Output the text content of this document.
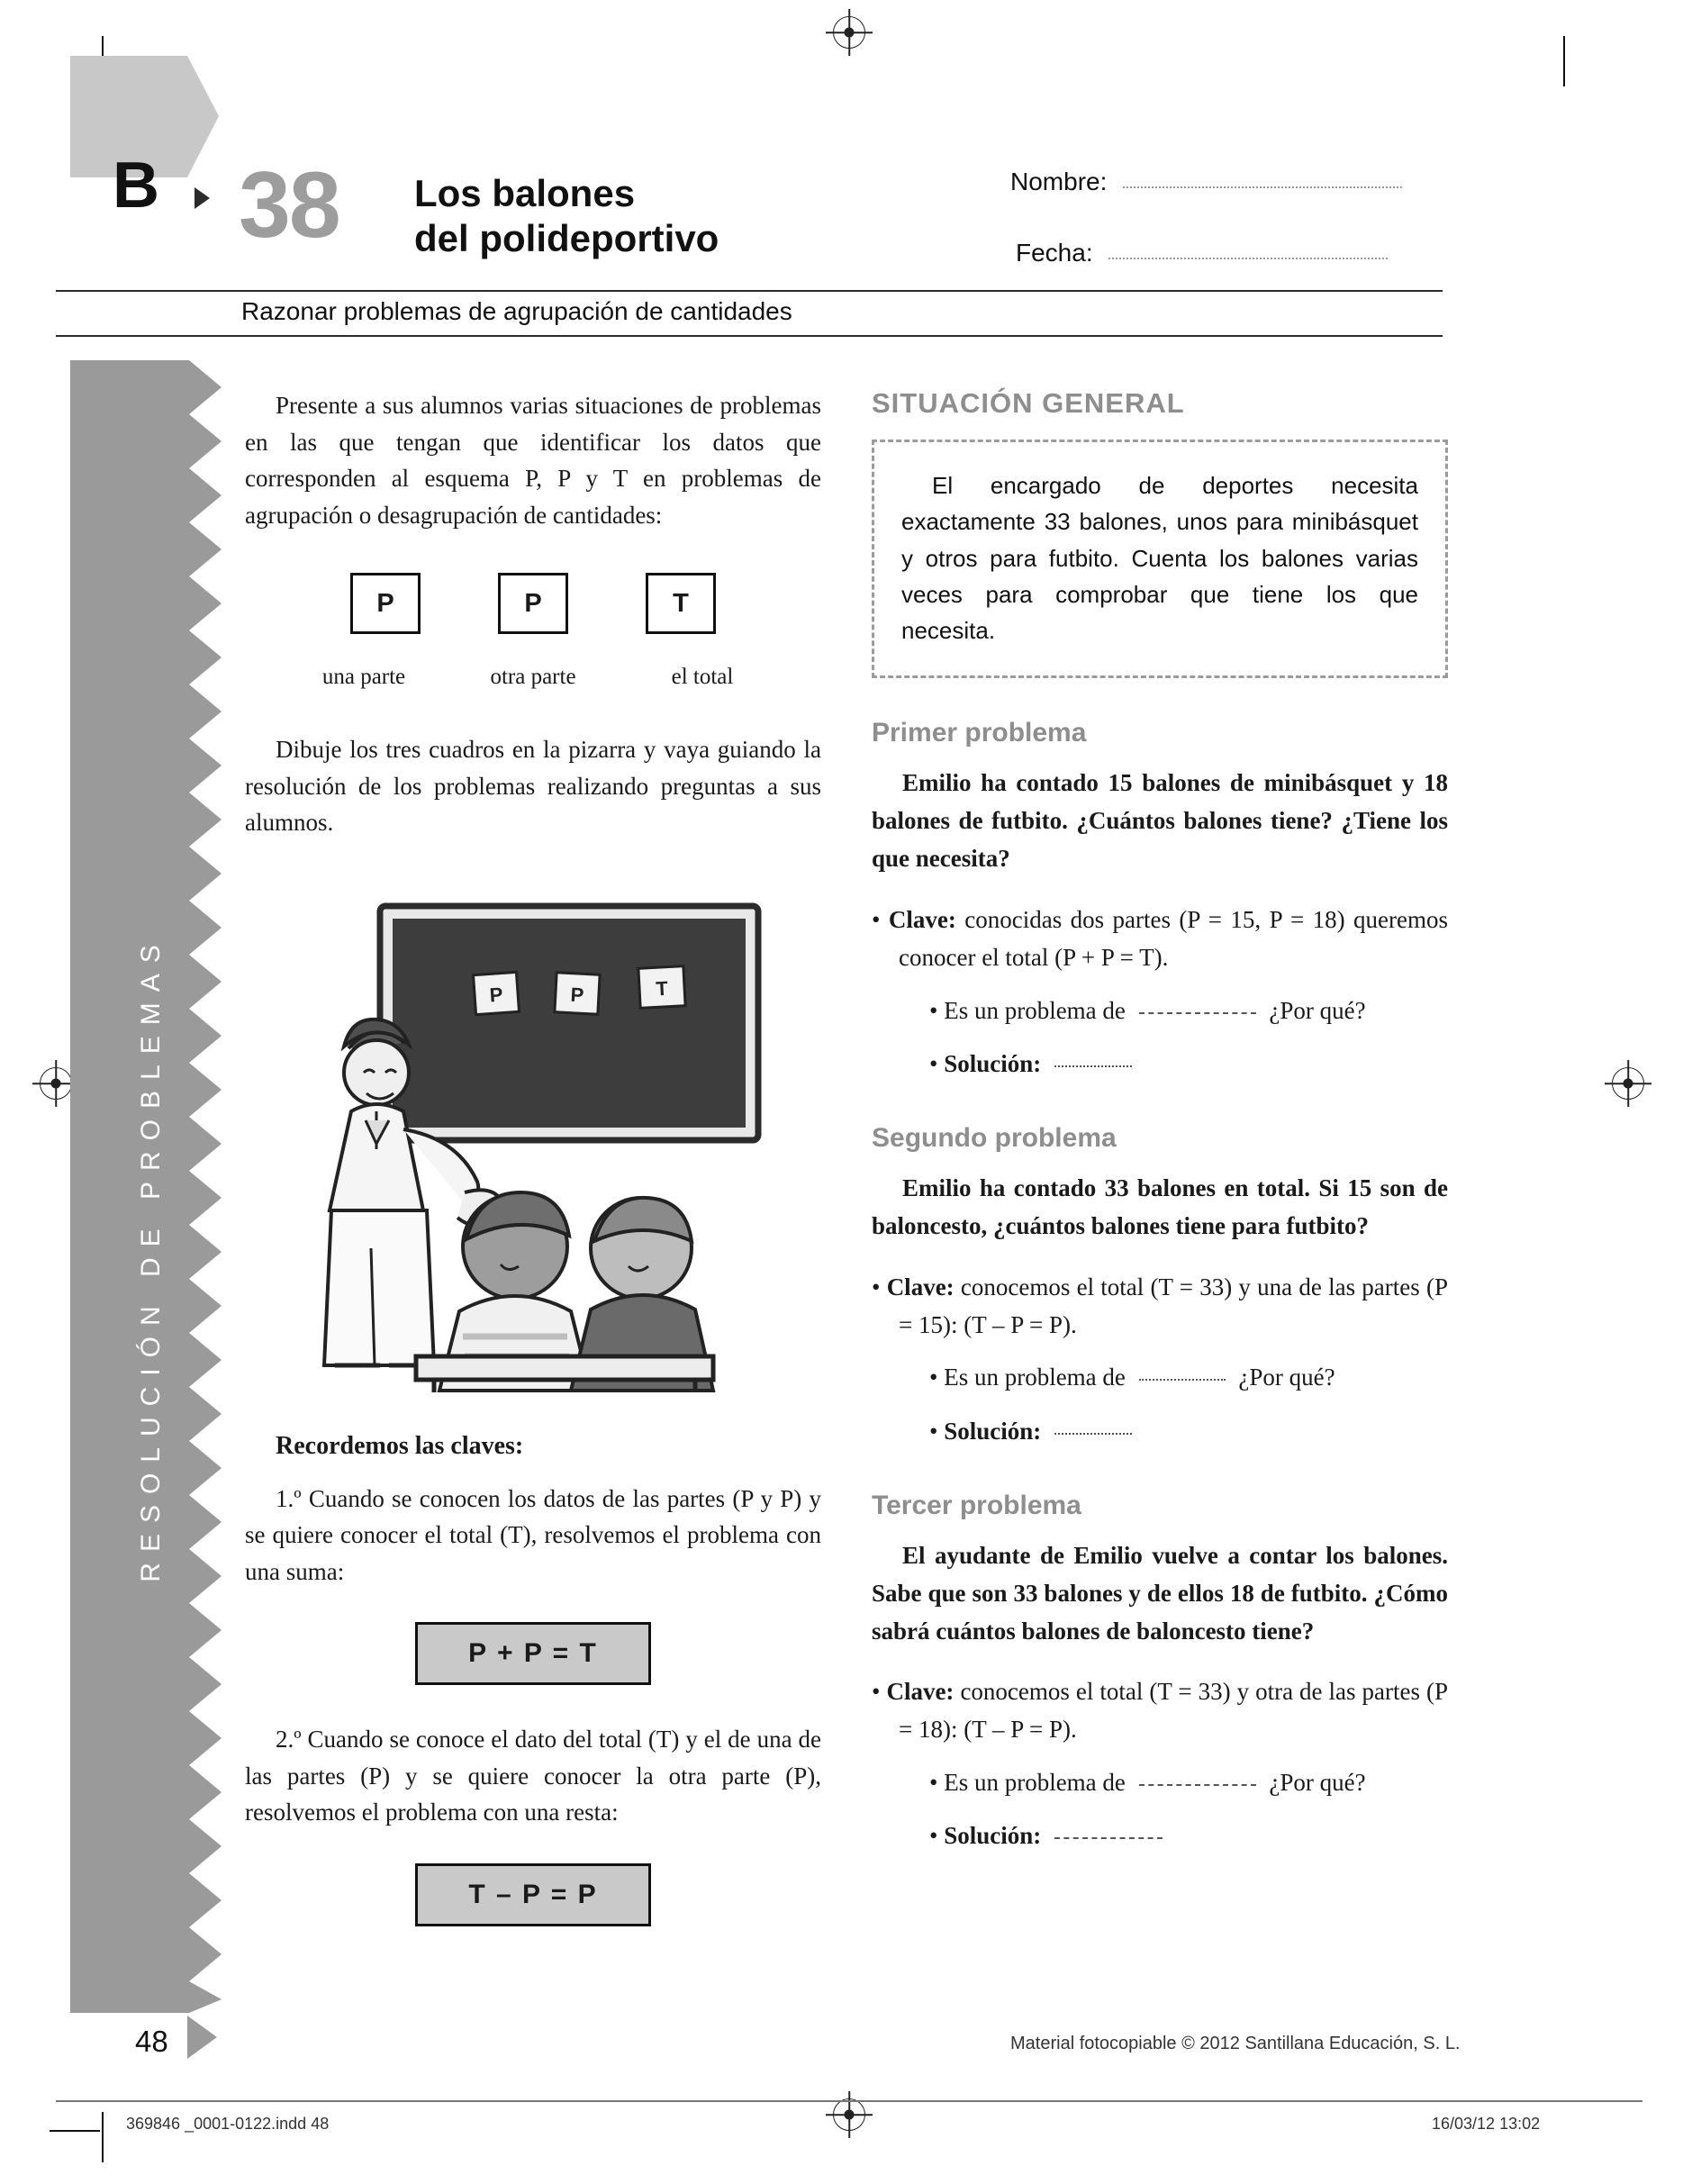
B 38 Los balones
del polideportivo
Nombre:
Fecha:
Razonar problemas de agrupación de cantidades
RESOLUCIÓN DE PROBLEMAS

Presente a sus alumnos varias situaciones de problemas en las que tengan que identificar los datos que corresponden al esquema P, P y T en problemas de agrupación o desagrupación de cantidades:

P	P	T
una parte	otra parte	el total

Dibuje los tres cuadros en la pizarra y vaya guiando la resolución de los problemas realizando preguntas a sus alumnos.

P	P	T

Recordemos las claves:

1.º Cuando se conocen los datos de las partes (P y P) y se quiere conocer el total (T), resolvemos el problema con una suma:

P + P = T

2.º Cuando se conoce el dato del total (T) y el de una de las partes (P) y se quiere conocer la otra parte (P), resolvemos el problema con una resta:

T – P = P

SITUACIÓN GENERAL

El encargado de deportes necesita exactamente 33 balones, unos para minibásquet y otros para futbito. Cuenta los balones varias veces para comprobar que tiene los que necesita.

Primer problema

Emilio ha contado 15 balones de minibásquet y 18 balones de futbito. ¿Cuántos balones tiene? ¿Tiene los que necesita?

• Clave: conocidas dos partes (P = 15, P = 18) queremos conocer el total (P + P = T).

• Es un problema de	¿Por qué?

• Solución:

Segundo problema

Emilio ha contado 33 balones en total. Si 15 son de baloncesto, ¿cuántos balones tiene para futbito?

• Clave: conocemos el total (T = 33) y una de las partes (P = 15): (T – P = P).

• Es un problema de	¿Por qué?

• Solución:

Tercer problema

El ayudante de Emilio vuelve a contar los balones. Sabe que son 33 balones y de ellos 18 de futbito. ¿Cómo sabrá cuántos balones de baloncesto tiene?

• Clave: conocemos el total (T = 33) y otra de las partes (P = 18): (T – P = P).

• Es un problema de	¿Por qué?

• Solución:

48	Material fotocopiable © 2012 Santillana Educación, S. L.
369846 _0001-0122.indd 48	16/03/12 13:02
